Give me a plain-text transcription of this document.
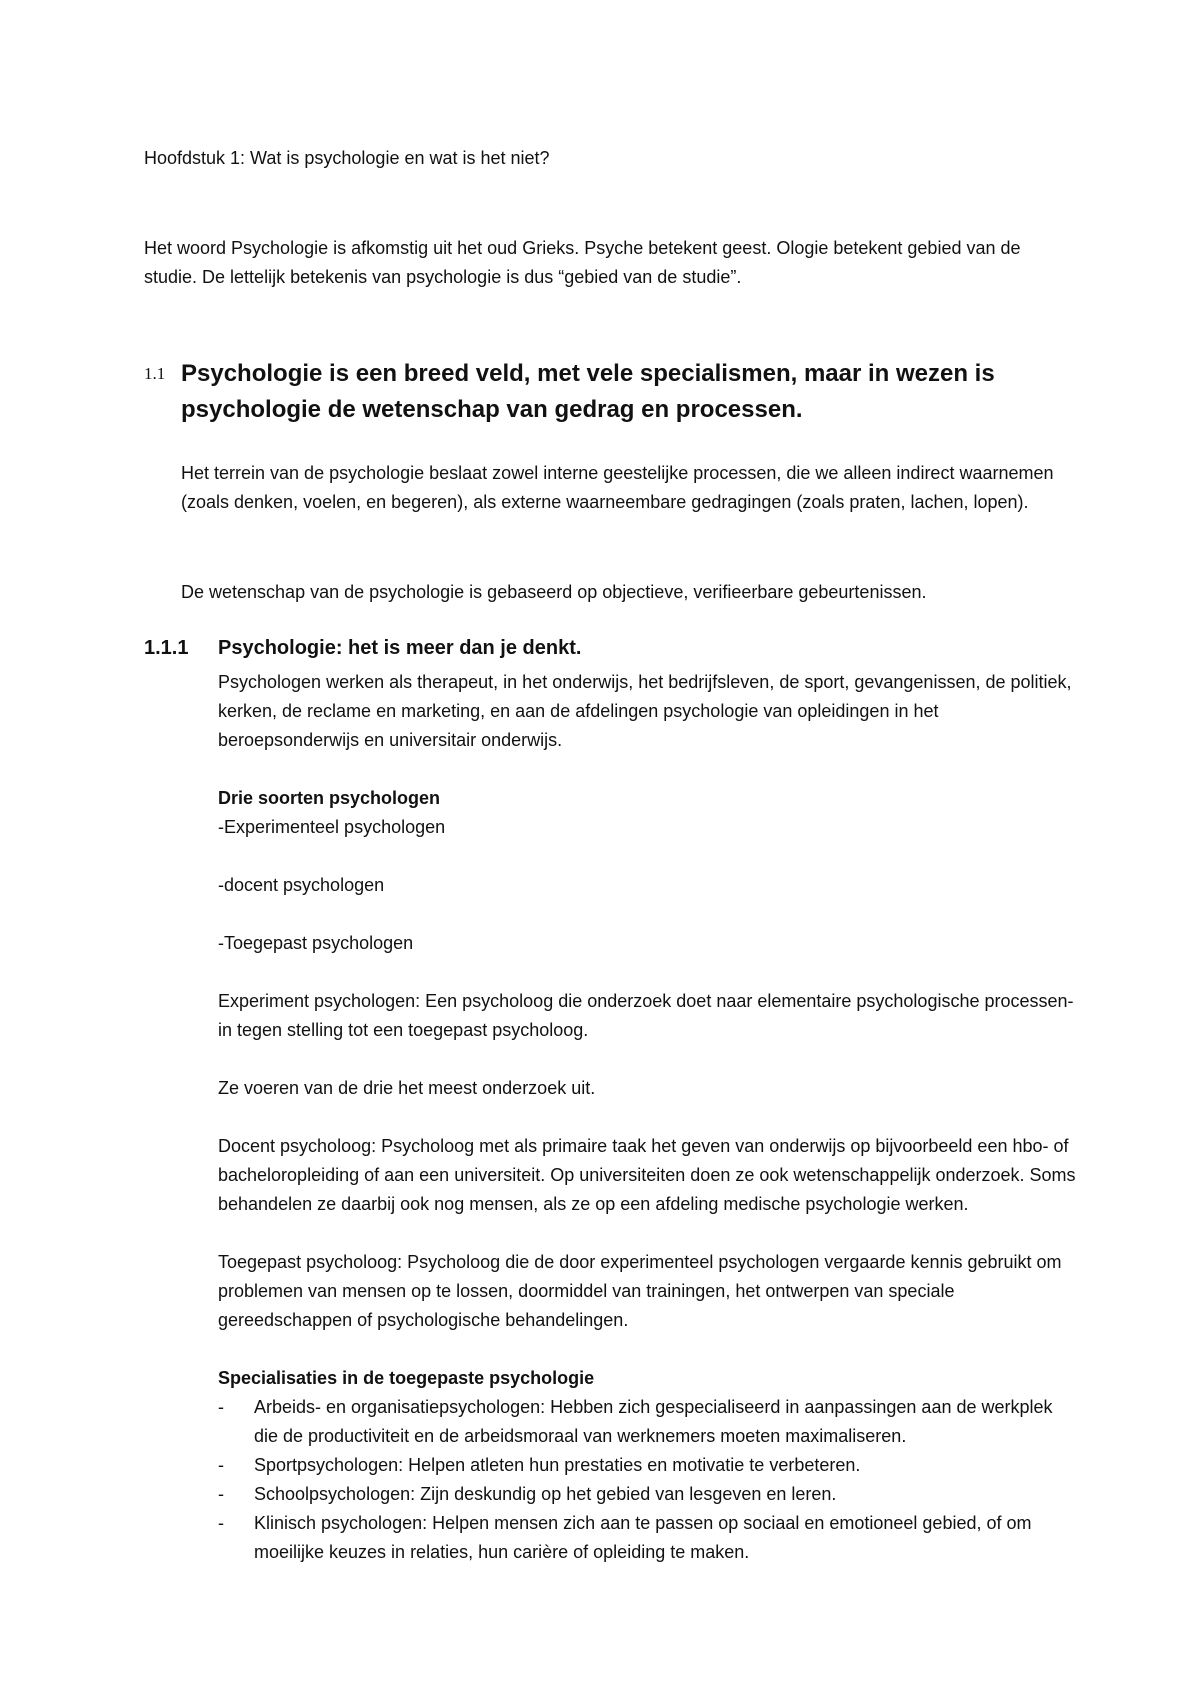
Hoofdstuk 1: Wat is psychologie en wat is het niet?

Het woord Psychologie is afkomstig uit het oud Grieks. Psyche betekent geest. Ologie betekent gebied van de studie. De lettelijk betekenis van psychologie is dus “gebied van de studie”.

1.1 Psychologie is een breed veld, met vele specialismen, maar in wezen is psychologie de wetenschap van gedrag en processen.

Het terrein van de psychologie beslaat zowel interne geestelijke processen, die we alleen indirect waarnemen (zoals denken, voelen, en begeren), als externe waarneembare gedragingen (zoals praten, lachen, lopen).

De wetenschap van de psychologie is gebaseerd op objectieve, verifieerbare gebeurtenissen.

1.1.1 Psychologie: het is meer dan je denkt.

Psychologen werken als therapeut, in het onderwijs, het bedrijfsleven, de sport, gevangenissen, de politiek, kerken, de reclame en marketing, en aan de afdelingen psychologie van opleidingen in het beroepsonderwijs en universitair onderwijs.

Drie soorten psychologen

-Experimenteel psychologen

-docent psychologen

-Toegepast psychologen

Experiment psychologen: Een psycholoog die onderzoek doet naar elementaire psychologische processen- in tegen stelling tot een toegepast psycholoog.

Ze voeren van de drie het meest onderzoek uit.

Docent psycholoog: Psycholoog met als primaire taak het geven van onderwijs op bijvoorbeeld een hbo- of bacheloropleiding of aan een universiteit. Op universiteiten doen ze ook wetenschappelijk onderzoek. Soms behandelen ze daarbij ook nog mensen, als ze op een afdeling medische psychologie werken.

Toegepast psycholoog: Psycholoog die de door experimenteel psychologen vergaarde kennis gebruikt om problemen van mensen op te lossen, doormiddel van trainingen, het ontwerpen van speciale gereedschappen of psychologische behandelingen.

Specialisaties in de toegepaste psychologie

- Arbeids- en organisatiepsychologen: Hebben zich gespecialiseerd in aanpassingen aan de werkplek die de productiviteit en de arbeidsmoraal van werknemers moeten maximaliseren.
- Sportpsychologen: Helpen atleten hun prestaties en motivatie te verbeteren.
- Schoolpsychologen: Zijn deskundig op het gebied van lesgeven en leren.
- Klinisch psychologen: Helpen mensen zich aan te passen op sociaal en emotioneel gebied, of om moeilijke keuzes in relaties, hun carière of opleiding te maken.
